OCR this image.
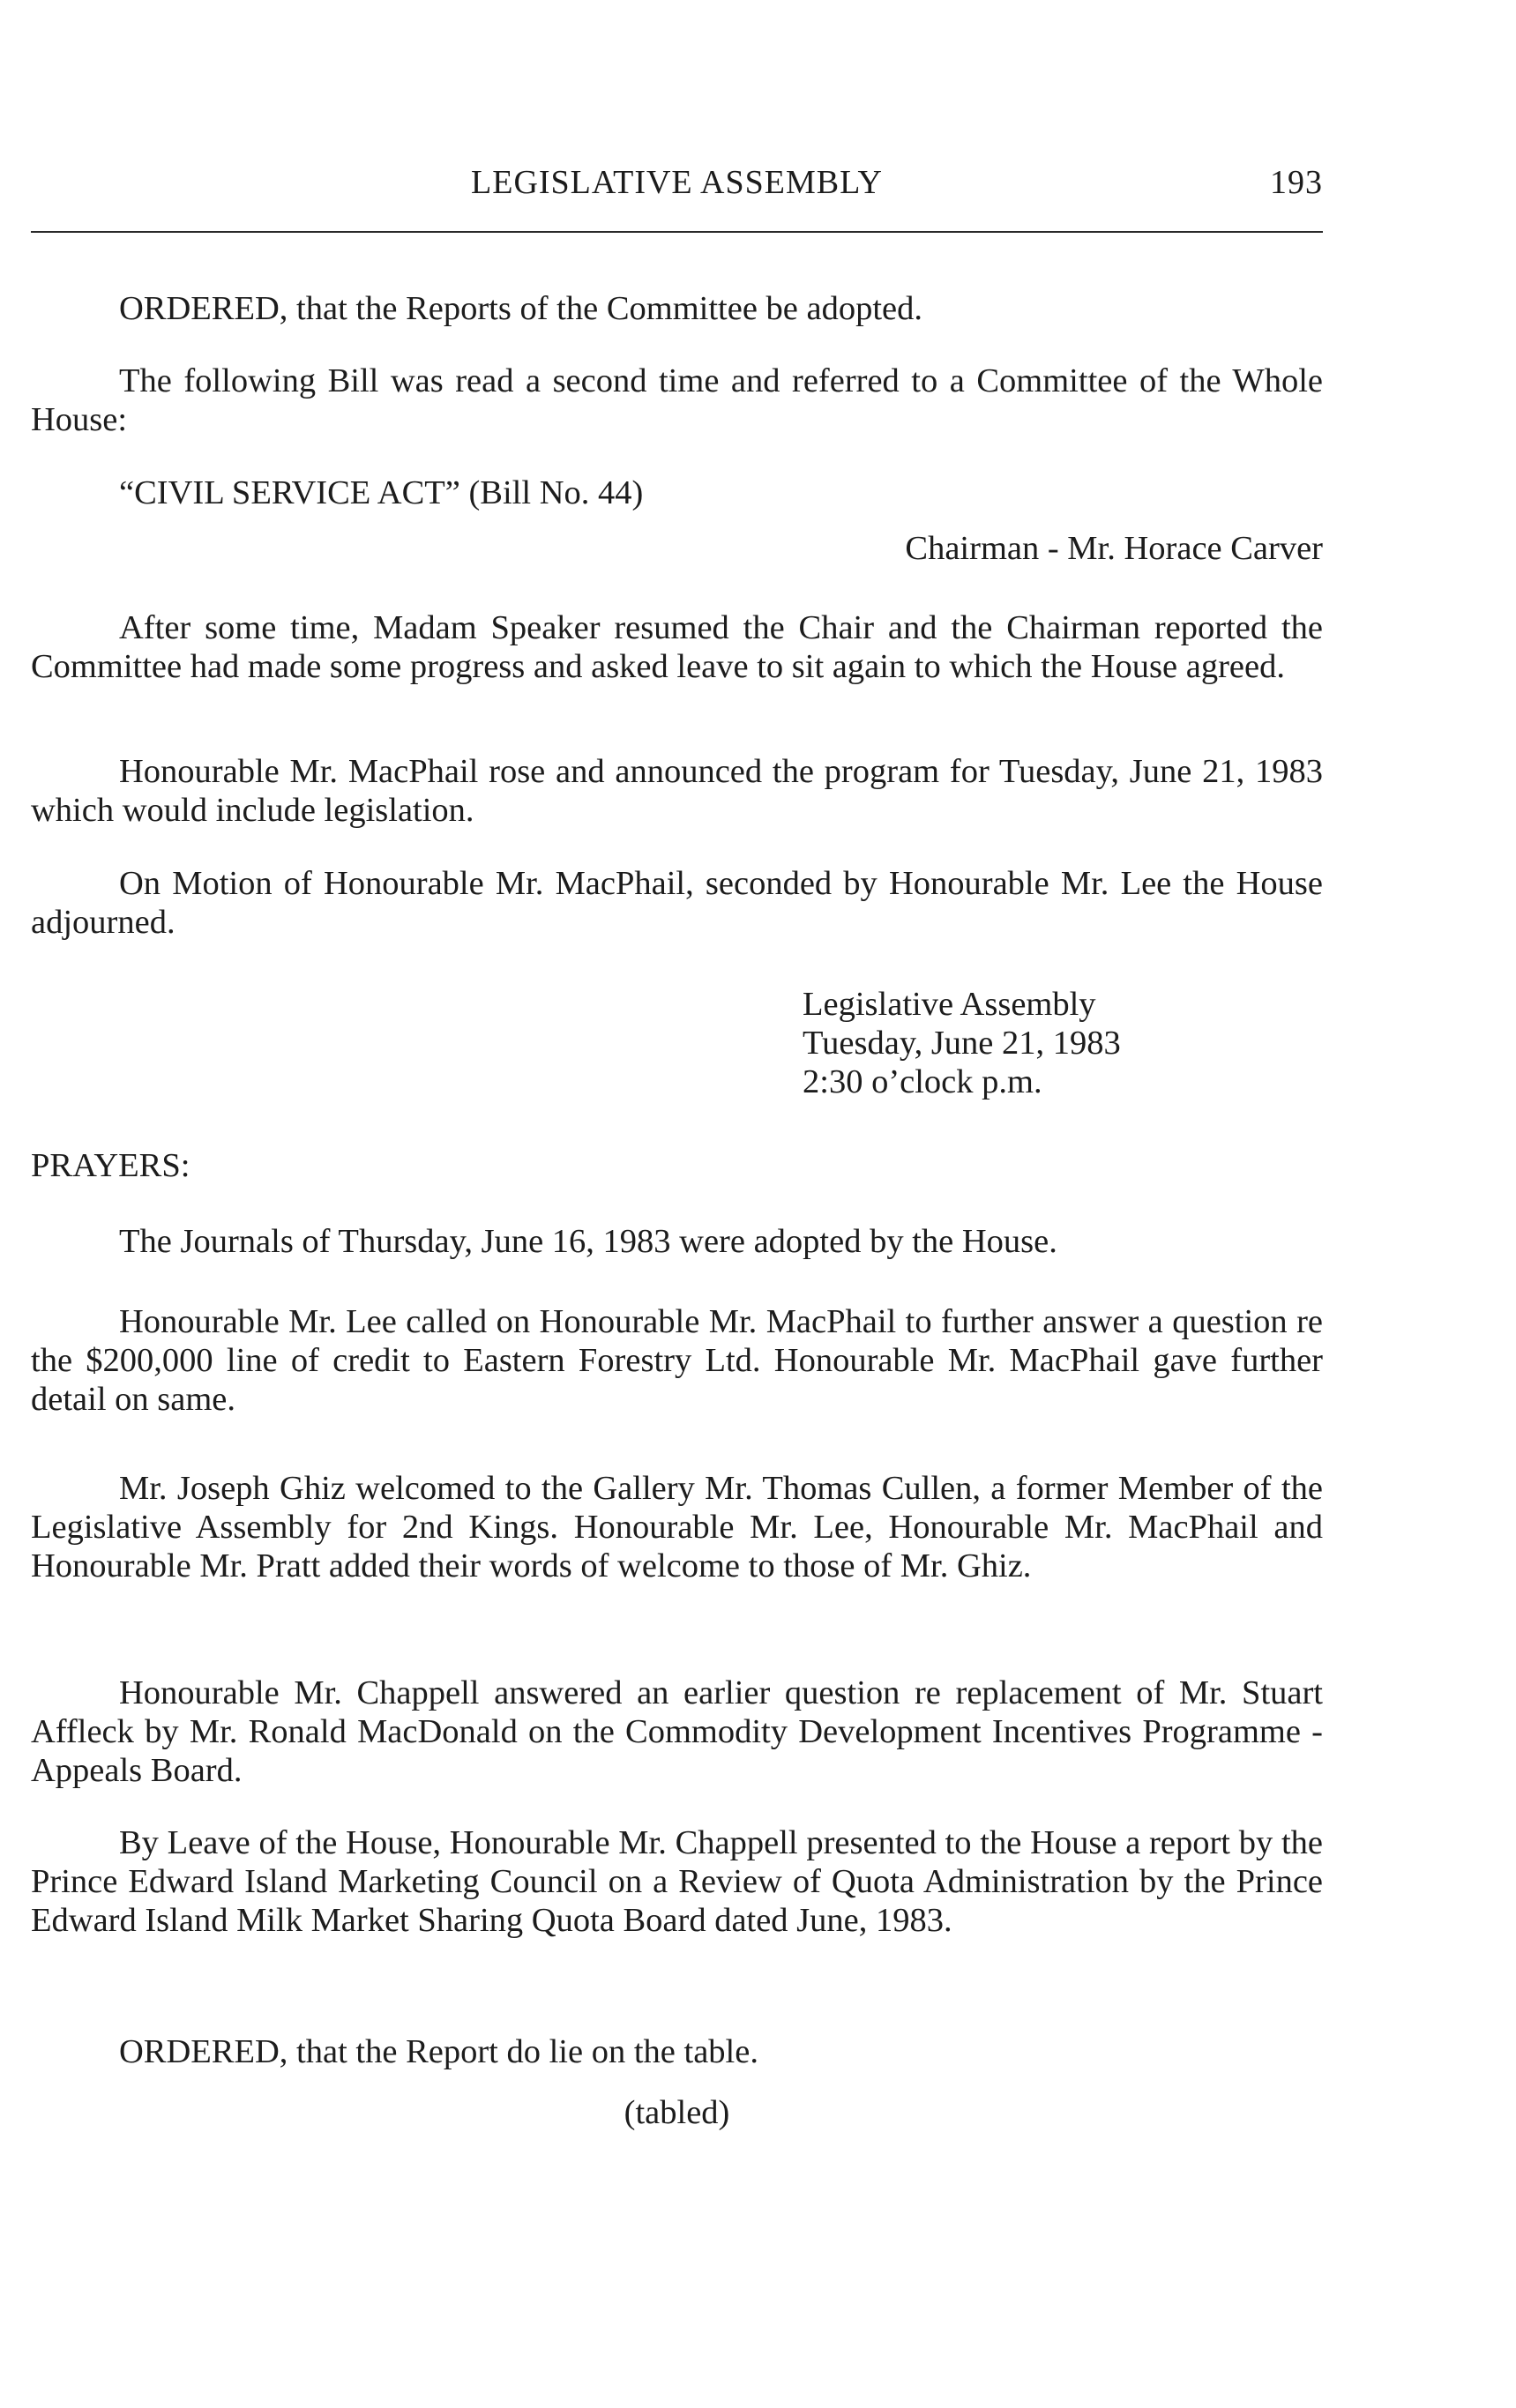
LEGISLATIVE ASSEMBLY	193
ORDERED, that the Reports of the Committee be adopted.
The following Bill was read a second time and referred to a Committee of the Whole House:
“CIVIL SERVICE ACT” (Bill No. 44)
Chairman - Mr. Horace Carver
After some time, Madam Speaker resumed the Chair and the Chairman reported the Committee had made some progress and asked leave to sit again to which the House agreed.
Honourable Mr. MacPhail rose and announced the program for Tuesday, June 21, 1983 which would include legislation.
On Motion of Honourable Mr. MacPhail, seconded by Honourable Mr. Lee the House adjourned.
Legislative Assembly
Tuesday, June 21, 1983
2:30 o’clock p.m.
PRAYERS:
The Journals of Thursday, June 16, 1983 were adopted by the House.
Honourable Mr. Lee called on Honourable Mr. MacPhail to further answer a question re the $200,000 line of credit to Eastern Forestry Ltd. Honourable Mr. MacPhail gave further detail on same.
Mr. Joseph Ghiz welcomed to the Gallery Mr. Thomas Cullen, a former Member of the Legislative Assembly for 2nd Kings. Honourable Mr. Lee, Honourable Mr. MacPhail and Honourable Mr. Pratt added their words of welcome to those of Mr. Ghiz.
Honourable Mr. Chappell answered an earlier question re replacement of Mr. Stuart Affleck by Mr. Ronald MacDonald on the Commodity Development Incentives Programme - Appeals Board.
By Leave of the House, Honourable Mr. Chappell presented to the House a report by the Prince Edward Island Marketing Council on a Review of Quota Administration by the Prince Edward Island Milk Market Sharing Quota Board dated June, 1983.
ORDERED, that the Report do lie on the table.
(tabled)
